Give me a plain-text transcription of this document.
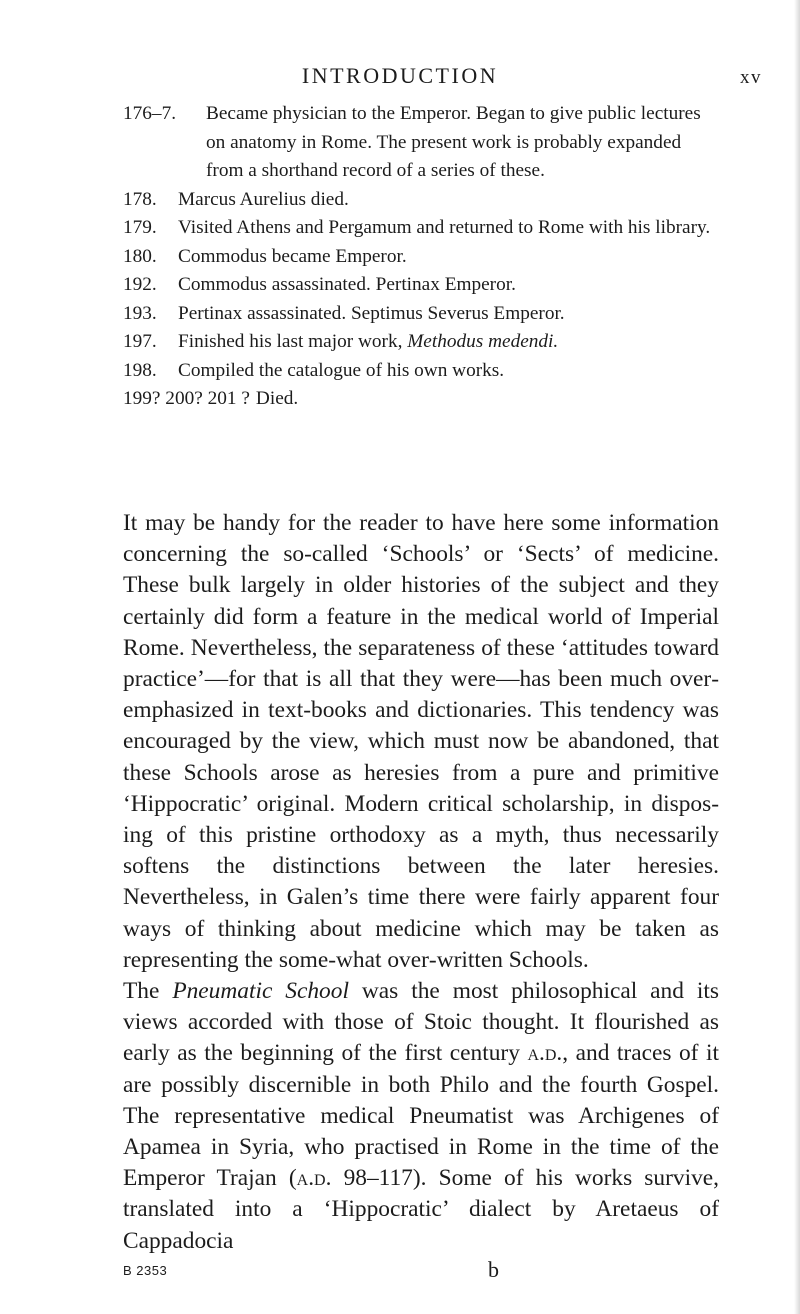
INTRODUCTION	xv
176–7.	Became physician to the Emperor. Began to give public lectures on anatomy in Rome. The present work is probably expanded from a shorthand record of a series of these.
178.	Marcus Aurelius died.
179.	Visited Athens and Pergamum and returned to Rome with his library.
180.	Commodus became Emperor.
192.	Commodus assassinated. Pertinax Emperor.
193.	Pertinax assassinated. Septimus Severus Emperor.
197.	Finished his last major work, Methodus medendi.
198.	Compiled the catalogue of his own works.
199? 200? 201 ? Died.

It may be handy for the reader to have here some information concerning the so‐called ‘Schools’ or ‘Sects’ of medicine. These bulk largely in older histories of the subject and they certainly did form a feature in the medical world of Imperial Rome. Nevertheless, the separateness of these ‘attitudes toward practice’—for that is all that they were—has been much over‐emphasized in text‐books and dictionaries. This tendency was encouraged by the view, which must now be abandoned, that these Schools arose as heresies from a pure and primitive ‘Hippocratic’ original. Modern critical scholarship, in dispos‐ing of this pristine orthodoxy as a myth, thus necessarily softens the distinctions between the later heresies. Nevertheless, in Galen’s time there were fairly apparent four ways of thinking about medicine which may be taken as representing the some‐what over‐written Schools.

The Pneumatic School was the most philosophical and its views accorded with those of Stoic thought. It flourished as early as the beginning of the first century a.d., and traces of it are possibly discernible in both Philo and the fourth Gospel. The representative medical Pneumatist was Archigenes of Apamea in Syria, who practised in Rome in the time of the Emperor Trajan (a.d. 98–117). Some of his works survive, translated into a ‘Hippocratic’ dialect by Aretaeus of Cappadocia

B 2353	b
